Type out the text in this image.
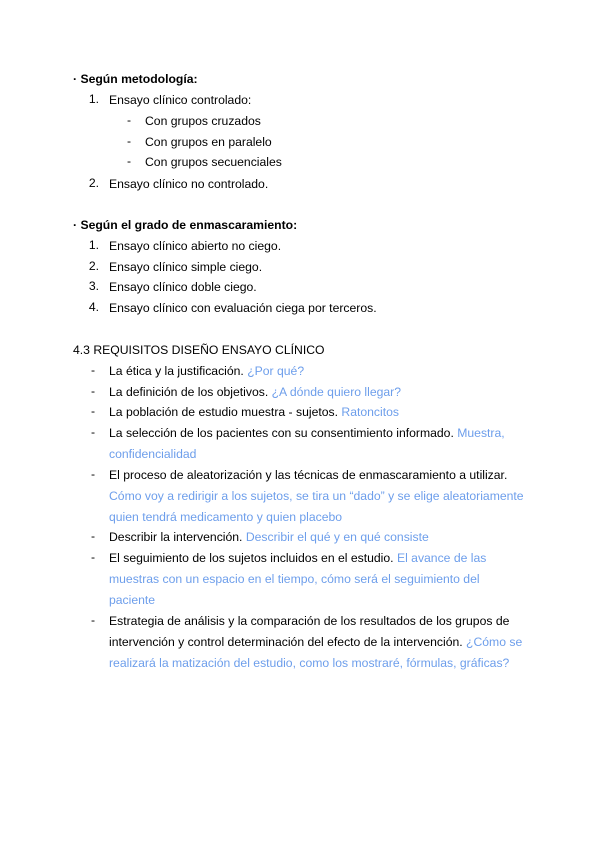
· Según metodología:
1. Ensayo clínico controlado:
- Con grupos cruzados
- Con grupos en paralelo
- Con grupos secuenciales
2. Ensayo clínico no controlado.
· Según el grado de enmascaramiento:
1. Ensayo clínico abierto no ciego.
2. Ensayo clínico simple ciego.
3. Ensayo clínico doble ciego.
4. Ensayo clínico con evaluación ciega por terceros.
4.3 REQUISITOS DISEÑO ENSAYO CLÍNICO
- La ética y la justificación. ¿Por qué?
- La definición de los objetivos. ¿A dónde quiero llegar?
- La población de estudio muestra - sujetos. Ratoncitos
- La selección de los pacientes con su consentimiento informado. Muestra,
confidencialidad
- El proceso de aleatorización y las técnicas de enmascaramiento a utilizar.
Cómo voy a redirigir a los sujetos, se tira un “dado” y se elige aleatoriamente
quien tendrá medicamento y quien placebo
- Describir la intervención. Describir el qué y en qué consiste
- El seguimiento de los sujetos incluidos en el estudio. El avance de las
muestras con un espacio en el tiempo, cómo será el seguimiento del
paciente
- Estrategia de análisis y la comparación de los resultados de los grupos de
intervención y control determinación del efecto de la intervención. ¿Cómo se
realizará la matización del estudio, como los mostraré, fórmulas, gráficas?
